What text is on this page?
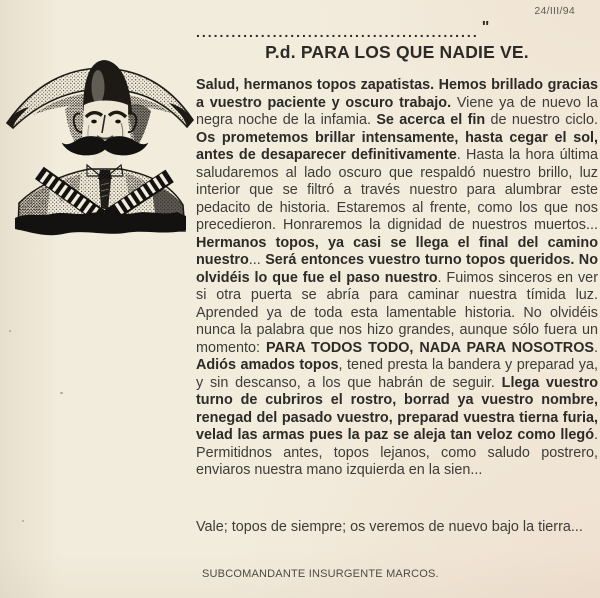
24/III/94
................................................ "
P.d. PARA LOS QUE NADIE VE.

Salud, hermanos topos zapatistas. Hemos brillado gracias a vuestro paciente y oscuro trabajo. Viene ya de nuevo la negra noche de la infamia. Se acerca el fin de nuestro ciclo. Os prometemos brillar intensamente, hasta cegar el sol, antes de desaparecer definitivamente. Hasta la hora última saludaremos al lado oscuro que respaldó nuestro brillo, luz interior que se filtró a través nuestro para alumbrar este pedacito de historia. Estaremos al frente, como los que nos precedieron. Honraremos la dignidad de nuestros muertos... Hermanos topos, ya casi se llega el final del camino nuestro... Será entonces vuestro turno topos queridos. No olvidéis lo que fue el paso nuestro. Fuimos sinceros en ver si otra puerta se abría para caminar nuestra tímida luz. Aprended ya de toda esta lamentable historia. No olvidéis nunca la palabra que nos hizo grandes, aunque sólo fuera un momento: PARA TODOS TODO, NADA PARA NOSOTROS. Adiós amados topos, tened presta la bandera y preparad ya, y sin descanso, a los que habrán de seguir. Llega vuestro turno de cubriros el rostro, borrad ya vuestro nombre, renegad del pasado vuestro, preparad vuestra tierna furia, velad las armas pues la paz se aleja tan veloz como llegó. Permitidnos antes, topos lejanos, como saludo postrero, enviaros nuestra mano izquierda en la sien...

Vale; topos de siempre; os veremos de nuevo bajo la tierra...

SUBCOMANDANTE INSURGENTE MARCOS.
